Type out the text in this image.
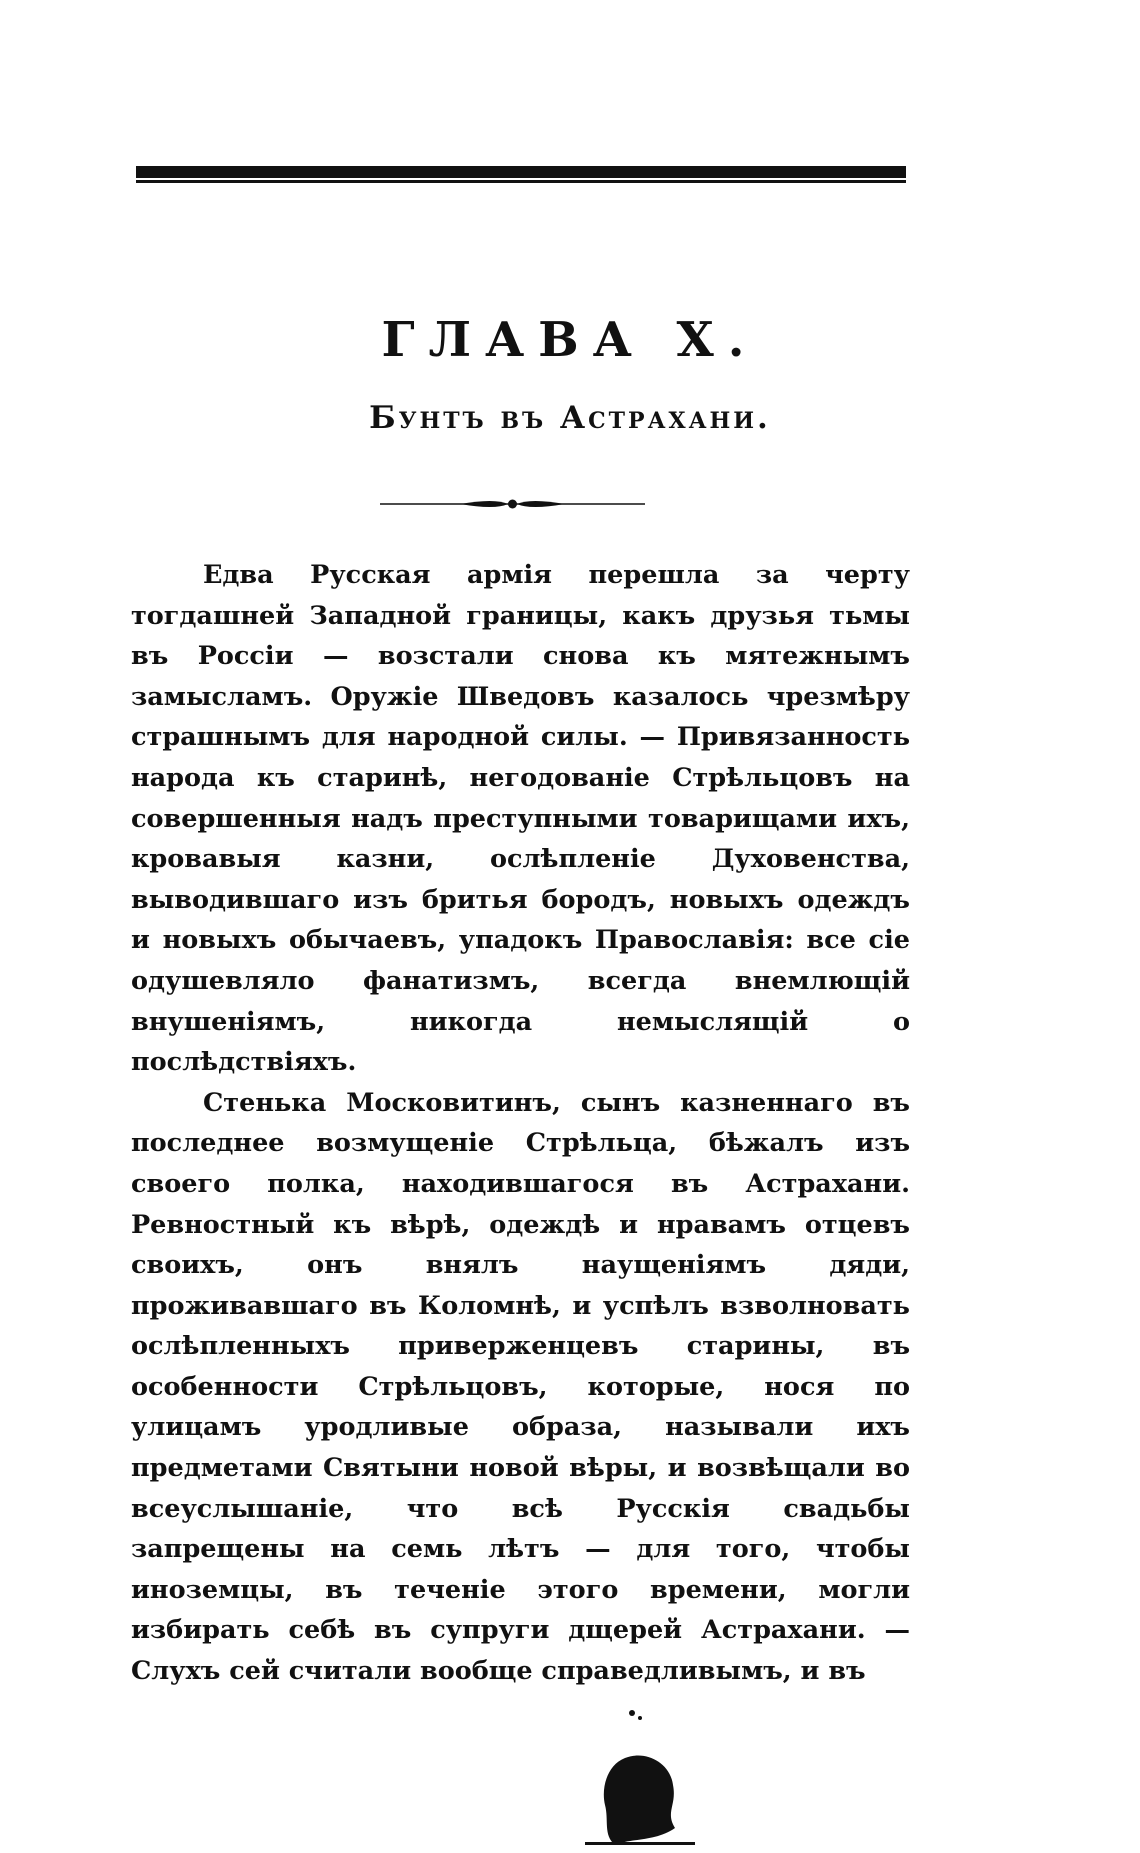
ГЛАВА X.
Бунтъ въ Астрахани.

Едва Русская армія перешла за черту тогдашней Западной границы, какъ друзья тьмы въ Россіи — возстали снова къ мятежнымъ замысламъ. Оружіе Шведовъ казалось чрезмѣру страшнымъ для народной силы. — Привязанность народа къ старинѣ, негодованіе Стрѣльцовъ на совершенныя надъ преступными товарищами ихъ, кровавыя казни, ослѣпленіе Духовенства, выводившаго изъ бритья бородъ, новыхъ одеждъ и новыхъ обычаевъ, упадокъ Православія: все сіе одушевляло фанатизмъ, всегда внемлющій внушеніямъ, никогда немыслящій о послѣдствіяхъ.

Стенька Московитинъ, сынъ казненнаго въ последнее возмущеніе Стрѣльца, бѣжалъ изъ своего полка, находившагося въ Астрахани. Ревностный къ вѣрѣ, одеждѣ и нравамъ отцевъ своихъ, онъ внялъ наущеніямъ дяди, проживавшаго въ Коломнѣ, и успѣлъ взволновать ослѣпленныхъ приверженцевъ старины, въ особенности Стрѣльцовъ, которые, нося по улицамъ уродливые образа, называли ихъ предметами Святыни новой вѣры, и возвѣщали во всеуслышаніе, что всѣ Русскія свадьбы запрещены на семь лѣтъ — для того, чтобы иноземцы, въ теченіе этого времени, могли избирать себѣ въ супруги дщерей Астрахани. — Слухъ сей считали вообще справедливымъ, и въ
